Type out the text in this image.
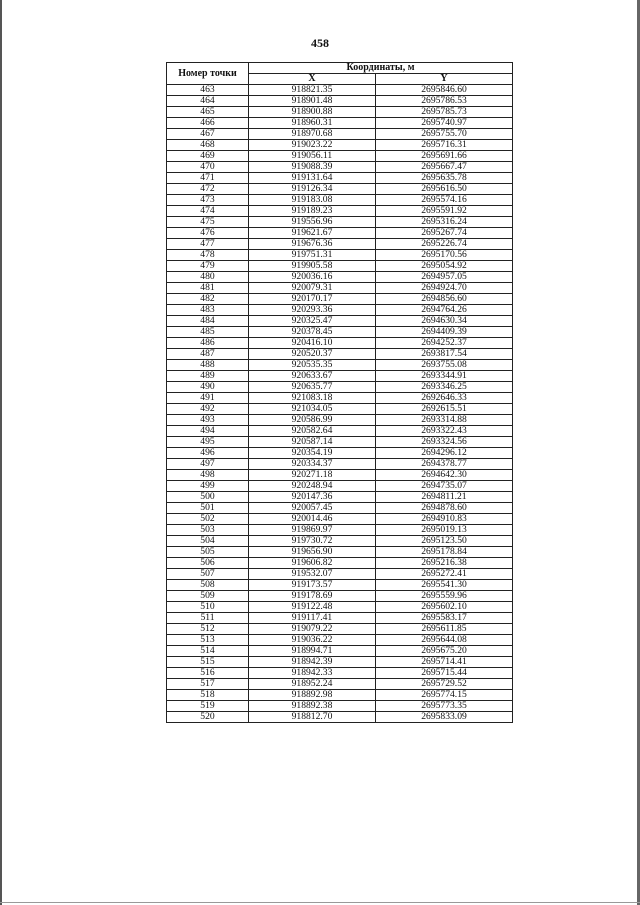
458
Номер точки	Координаты, м	
	X	Y
463	918821.35	2695846.60
464	918901.48	2695786.53
465	918900.88	2695785.73
466	918960.31	2695740.97
467	918970.68	2695755.70
468	919023.22	2695716.31
469	919056.11	2695691.66
470	919088.39	2695667.47
471	919131.64	2695635.78
472	919126.34	2695616.50
473	919183.08	2695574.16
474	919189.23	2695591.92
475	919556.96	2695316.24
476	919621.67	2695267.74
477	919676.36	2695226.74
478	919751.31	2695170.56
479	919905.58	2695054.92
480	920036.16	2694957.05
481	920079.31	2694924.70
482	920170.17	2694856.60
483	920293.36	2694764.26
484	920325.47	2694630.34
485	920378.45	2694409.39
486	920416.10	2694252.37
487	920520.37	2693817.54
488	920535.35	2693755.08
489	920633.67	2693344.91
490	920635.77	2693346.25
491	921083.18	2692646.33
492	921034.05	2692615.51
493	920586.99	2693314.88
494	920582.64	2693322.43
495	920587.14	2693324.56
496	920354.19	2694296.12
497	920334.37	2694378.77
498	920271.18	2694642.30
499	920248.94	2694735.07
500	920147.36	2694811.21
501	920057.45	2694878.60
502	920014.46	2694910.83
503	919869.97	2695019.13
504	919730.72	2695123.50
505	919656.90	2695178.84
506	919606.82	2695216.38
507	919532.07	2695272.41
508	919173.57	2695541.30
509	919178.69	2695559.96
510	919122.48	2695602.10
511	919117.41	2695583.17
512	919079.22	2695611.85
513	919036.22	2695644.08
514	918994.71	2695675.20
515	918942.39	2695714.41
516	918942.33	2695715.44
517	918952.24	2695729.52
518	918892.98	2695774.15
519	918892.38	2695773.35
520	918812.70	2695833.09
